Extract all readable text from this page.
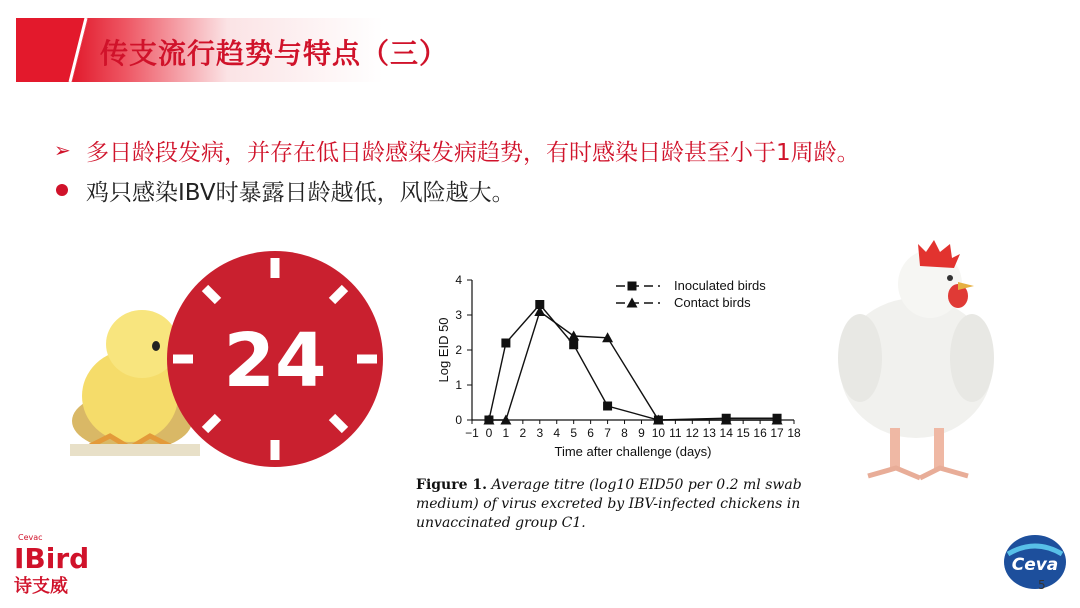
传支流行趋势与特点（三）
➢ 多日龄段发病，并存在低日龄感染发病趋势，有时感染日龄甚至小于1周龄。
鸡只感染IBV时暴露日龄越低，风险越大。
24
0
1
2
3
4
−1 0 1 2 3 4 5 6 7 8 9 10 11 12 13 14 15 16 17 18
Time after challenge (days)
Log EID 50
Inoculated birds
Contact birds
Figure 1. Average titre (log10 EID50 per 0.2 ml swab medium) of virus excreted by IBV-infected chickens in unvaccinated group C1.
Cevac
IBird
诗支威
Ceva
5
